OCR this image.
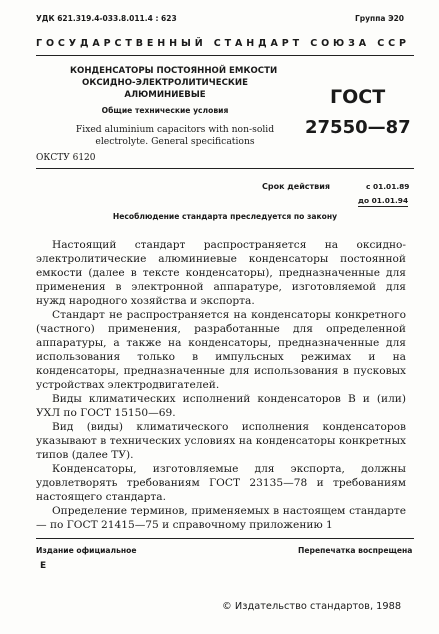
УДК 621.319.4-033.8.011.4 : 623	Группа Э20
ГОСУДАРСТВЕННЫЙ СТАНДАРТ СОЮЗА ССР
КОНДЕНСАТОРЫ ПОСТОЯННОЙ ЕМКОСТИ
ОКСИДНО-ЭЛЕКТРОЛИТИЧЕСКИЕ
АЛЮМИНИЕВЫЕ
Общие технические условия
Fixed aluminium capacitors with non-solid
electrolyte. General specifications
ГОСТ
27550—87
ОКСТУ 6120
Срок действия	с 01.01.89
до 01.01.94
Несоблюдение стандарта преследуется по закону

Настоящий стандарт распространяется на оксидно-электролитические алюминиевые конденсаторы постоянной емкости (далее в тексте конденсаторы), предназначенные для применения в электронной аппаратуре, изготовляемой для нужд народного хозяйства и экспорта.

Стандарт не распространяется на конденсаторы конкретного (частного) применения, разработанные для определенной аппаратуры, а также на конденсаторы, предназначенные для использования только в импульсных режимах и на конденсаторы, предназначенные для использования в пусковых устройствах электродвигателей.

Виды климатических исполнений конденсаторов В и (или) УХЛ по ГОСТ 15150—69.

Вид (виды) климатического исполнения конденсаторов указывают в технических условиях на конденсаторы конкретных типов (далее ТУ).

Конденсаторы, изготовляемые для экспорта, должны удовлетворять требованиям ГОСТ 23135—78 и требованиям настоящего стандарта.

Определение терминов, применяемых в настоящем стандарте — по ГОСТ 21415—75 и справочному приложению 1

Издание официальное	Перепечатка воспрещена
Е
© Издательство стандартов, 1988
